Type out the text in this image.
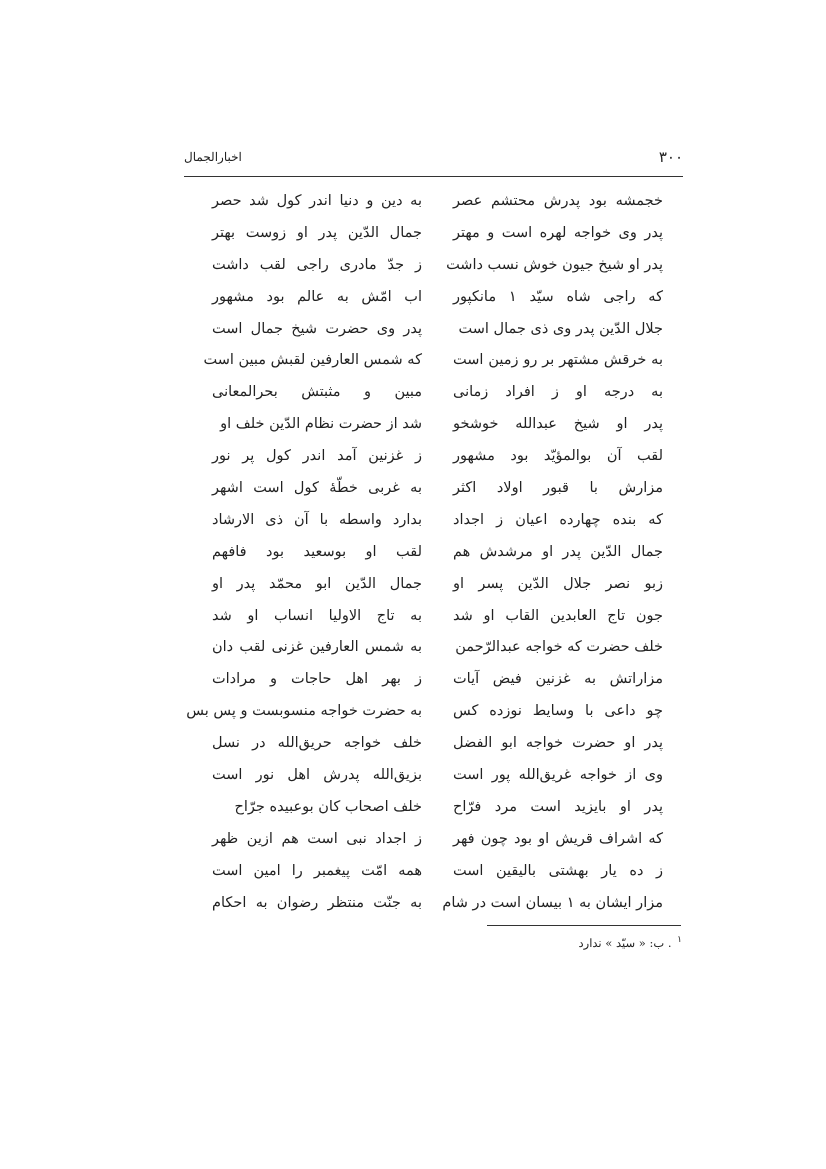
۳۰۰
اخبارالجمال
خجمشه بود پدرش محتشم عصر
پدر وی خواجه لهره است و مهتر
پدر او شیخ جیون خوش نسب داشت
که راجی شاه سیّد ۱ مانکپور
جلال الدّین پدر وی ذی جمال است
به خرقش مشتهر بر رو زمین است
به درجه او ز افراد زمانی
پدر او شیخ عبدالله خوشخو
لقب آن بوالمؤیّد بود مشهور
مزارش با قبور اولاد اکثر
که بنده چهارده اعیان ز اجداد
جمال الدّین پدر او مرشدش هم
زبو نصر جلال الدّین پسر او
جون تاج العابدین القاب او شد
خلف حضرت که خواجه عبدالرّحمن
مزاراتش به غزنین فیض آیات
چو داعی با وسایط نوزده کس
پدر او حضرت خواجه ابو الفضل
وی از خواجه غریق‌الله پور است
پدر او بایزید است مرد فرّاح
که اشراف قریش او بود چون فهر
ز ده یار بهشتی بالیقین است
مزار ایشان به ۱ بیسان است در شام
به دین و دنیا اندر کول شد حصر
جمال الدّین پدر او زوست بهتر
ز جدّ مادری راجی لقب داشت
اب امّش به عالم بود مشهور
پدر وی حضرت شیخ جمال است
که شمس العارفین لقبش مبین است
مبین و مثبتش بحرالمعانی
شد از حضرت نظام الدّین خلف او
ز غزنین آمد اندر کول پر نور
به غربی خطّهٔ کول است اشهر
بدارد واسطه با آن ذی الارشاد
لقب او بوسعید بود فافهم
جمال الدّین ابو محمّد پدر او
به تاج الاولیا انساب او شد
به شمس العارفین غزنی لقب دان
ز بهر اهل حاجات و مرادات
به حضرت خواجه منسوبست و پس بس
خلف خواجه حریق‌الله در نسل
بزیق‌الله پدرش اهل نور است
خلف اصحاب کان بوعبیده جرّاح
ز اجداد نبی است هم ازین ظهر
همه امّت پیغمبر را امین است
به جنّت منتظر رضوان به احکام
$^۱$ . ب: « سیّد » ندارد
